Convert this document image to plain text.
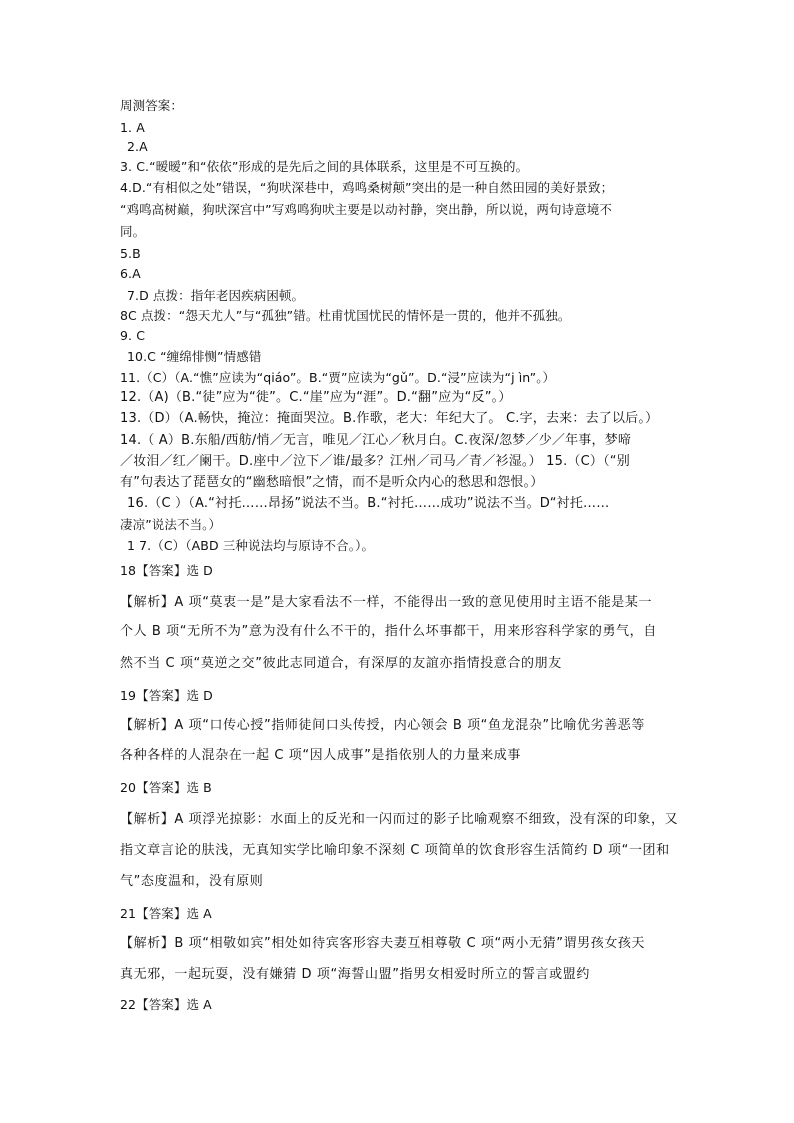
周测答案：
1. A
2.A
3. C.“暧暧”和“依依”形成的是先后之间的具体联系，这里是不可互换的。
4.D.“有相似之处”错误，“狗吠深巷中，鸡鸣桑树颠”突出的是一种自然田园的美好景致；
“鸡鸣高树巅，狗吠深宫中”写鸡鸣狗吠主要是以动衬静，突出静，所以说，两句诗意境不
同。
5.B
6.A
7.D 点拨：指年老因疾病困顿。
8C 点拨：“怨天尤人”与“孤独”错。杜甫忧国忧民的情怀是一贯的，他并不孤独。
9. C
10.C “缠绵悱恻”情感错
11.（C）（A.“憔”应读为“qiáo”。B.“贾”应读为“gǔ”。D.“浸”应读为“j ìn”。）
12.（A)（B.“徒”应为“徙”。C.“崖”应为“涯”。D.“翻”应为“反”。）
13.（D）（A.畅快，掩泣：掩面哭泣。B.作歌，老大：年纪大了。 C.字，去来：去了以后。）
14.（ A）B.东船/西舫/悄／无言，唯见／江心／秋月白。C.夜深/忽梦／少／年事，梦啼
／妆泪／红／阑干。D.座中／泣下／谁/最多？江州／司马／青／衫湿。） 15.（C）（“别
有”句表达了琵琶女的“幽愁暗恨”之情，而不是听众内心的愁思和怨恨。）
16.（C ）（A.“衬托……昂扬”说法不当。B.“衬托……成功”说法不当。D“衬托……
凄凉”说法不当。）
1 7.（C）（ABD 三种说法均与原诗不合。）。
18【答案】选 D
【解析】A 项“莫衷一是”是大家看法不一样，不能得出一致的意见使用时主语不能是某一
个人 B 项“无所不为”意为没有什么不干的，指什么坏事都干，用来形容科学家的勇气，自
然不当 C 项“莫逆之交”彼此志同道合，有深厚的友誼亦指情投意合的朋友
19【答案】选 D
【解析】A 项“口传心授”指师徒间口头传授，内心领会 B 项“鱼龙混杂”比喻优劣善恶等
各种各样的人混杂在一起 C 项“因人成事”是指依别人的力量来成事
20【答案】选 B
【解析】A 项浮光掠影：水面上的反光和一闪而过的影子比喻观察不细致，没有深的印象，又
指文章言论的肤浅，无真知实学比喻印象不深刻 C 项简单的饮食形容生活简约 D 项“一团和
气”态度温和，没有原则
21【答案】选 A
【解析】B 项“相敬如宾”相处如待宾客形容夫妻互相尊敬 C 项“两小无猜”谓男孩女孩天
真无邪，一起玩耍，没有嫌猜 D 项“海誓山盟”指男女相爱时所立的誓言或盟约
22【答案】选 A
